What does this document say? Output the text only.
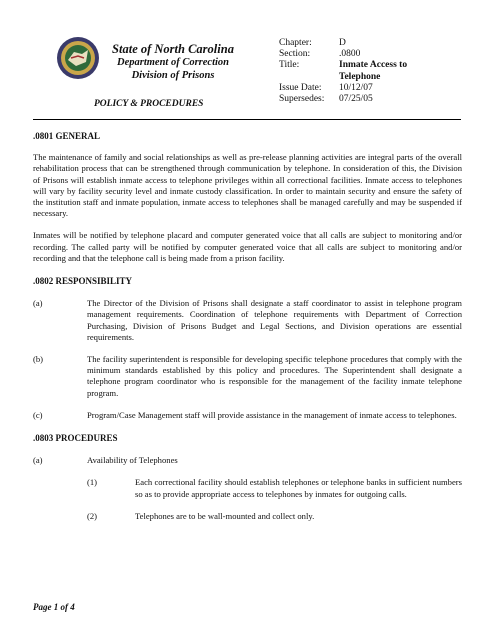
State of North Carolina
Department of Correction
Division of Prisons
POLICY & PROCEDURES
Chapter:	D
Section:	.0800
Title:	Inmate Access to Telephone
Issue Date:	10/12/07
Supersedes:	07/25/05
.0801 GENERAL

The maintenance of family and social relationships as well as pre-release planning activities are integral parts of the overall rehabilitation process that can be strengthened through communication by telephone. In consideration of this, the Division of Prisons will establish inmate access to telephone privileges within all correctional facilities. Inmate access to telephones will vary by facility security level and inmate custody classification. In order to maintain security and ensure the safety of the institution staff and inmate population, inmate access to telephones shall be managed carefully and may be suspended if necessary.

Inmates will be notified by telephone placard and computer generated voice that all calls are subject to monitoring and/or recording. The called party will be notified by computer generated voice that all calls are subject to monitoring and/or recording and that the telephone call is being made from a prison facility.

.0802 RESPONSIBILITY
(a)	The Director of the Division of Prisons shall designate a staff coordinator to assist in telephone program management requirements. Coordination of telephone requirements with Department of Correction Purchasing, Division of Prisons Budget and Legal Sections, and Division operations are essential requirements.
(b)	The facility superintendent is responsible for developing specific telephone procedures that comply with the minimum standards established by this policy and procedures. The Superintendent shall designate a telephone program coordinator who is responsible for the management of the facility inmate telephone program.
(c)	Program/Case Management staff will provide assistance in the management of inmate access to telephones.
.0803 PROCEDURES
(a)	Availability of Telephones
(1)	Each correctional facility should establish telephones or telephone banks in sufficient numbers so as to provide appropriate access to telephones by inmates for outgoing calls.
(2)	Telephones are to be wall-mounted and collect only.
Page 1 of 4
